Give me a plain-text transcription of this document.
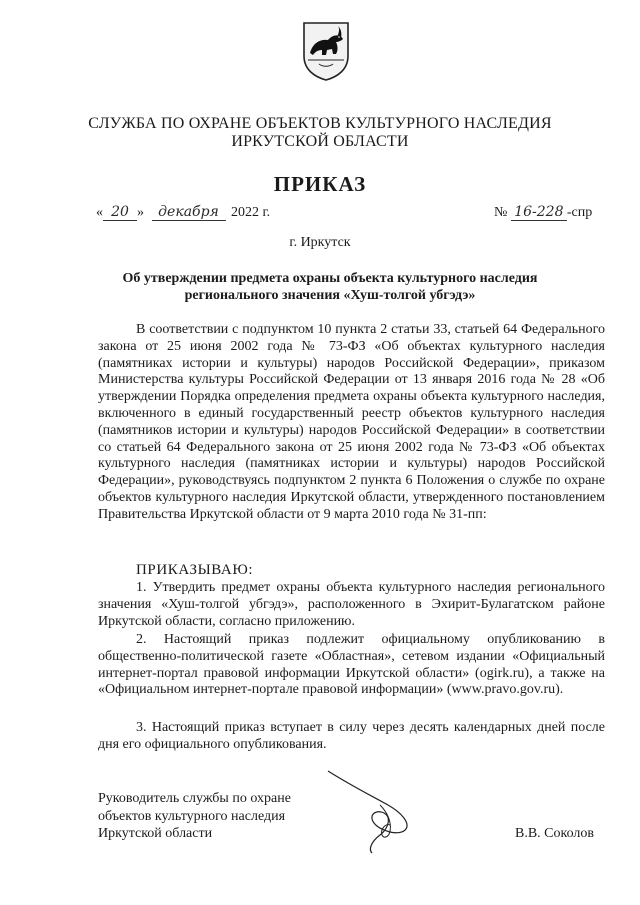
СЛУЖБА ПО ОХРАНЕ ОБЪЕКТОВ КУЛЬТУРНОГО НАСЛЕДИЯ
ИРКУТСКОЙ ОБЛАСТИ
ПРИКАЗ
« 20 » декабря 2022 г.	№ 16-228 -спр
г. Иркутск
Об утверждении предмета охраны объекта культурного наследия
регионального значения «Хуш-толгой убгэдэ»
В соответствии с подпунктом 10 пункта 2 статьи 33, статьей 64 Федерального закона от 25 июня 2002 года № 73-ФЗ «Об объектах культурного наследия (памятниках истории и культуры) народов Российской Федерации», приказом Министерства культуры Российской Федерации от 13 января 2016 года № 28 «Об утверждении Порядка определения предмета охраны объекта культурного наследия, включенного в единый государственный реестр объектов культурного наследия (памятников истории и культуры) народов Российской Федерации» в соответствии со статьей 64 Федерального закона от 25 июня 2002 года № 73-ФЗ «Об объектах культурного наследия (памятниках истории и культуры) народов Российской Федерации», руководствуясь подпунктом 2 пункта 6 Положения о службе по охране объектов культурного наследия Иркутской области, утвержденного постановлением Правительства Иркутской области от 9 марта 2010 года № 31-пп:
ПРИКАЗЫВАЮ:
1. Утвердить предмет охраны объекта культурного наследия регионального значения «Хуш-толгой убгэдэ», расположенного в Эхирит-Булагатском районе Иркутской области, согласно приложению.
2. Настоящий приказ подлежит официальному опубликованию в общественно-политической газете «Областная», сетевом издании «Официальный интернет-портал правовой информации Иркутской области» (ogirk.ru), а также на «Официальном интернет-портале правовой информации» (www.pravo.gov.ru).
3. Настоящий приказ вступает в силу через десять календарных дней после дня его официального опубликования.
Руководитель службы по охране
объектов культурного наследия
Иркутской области	В.В. Соколов
